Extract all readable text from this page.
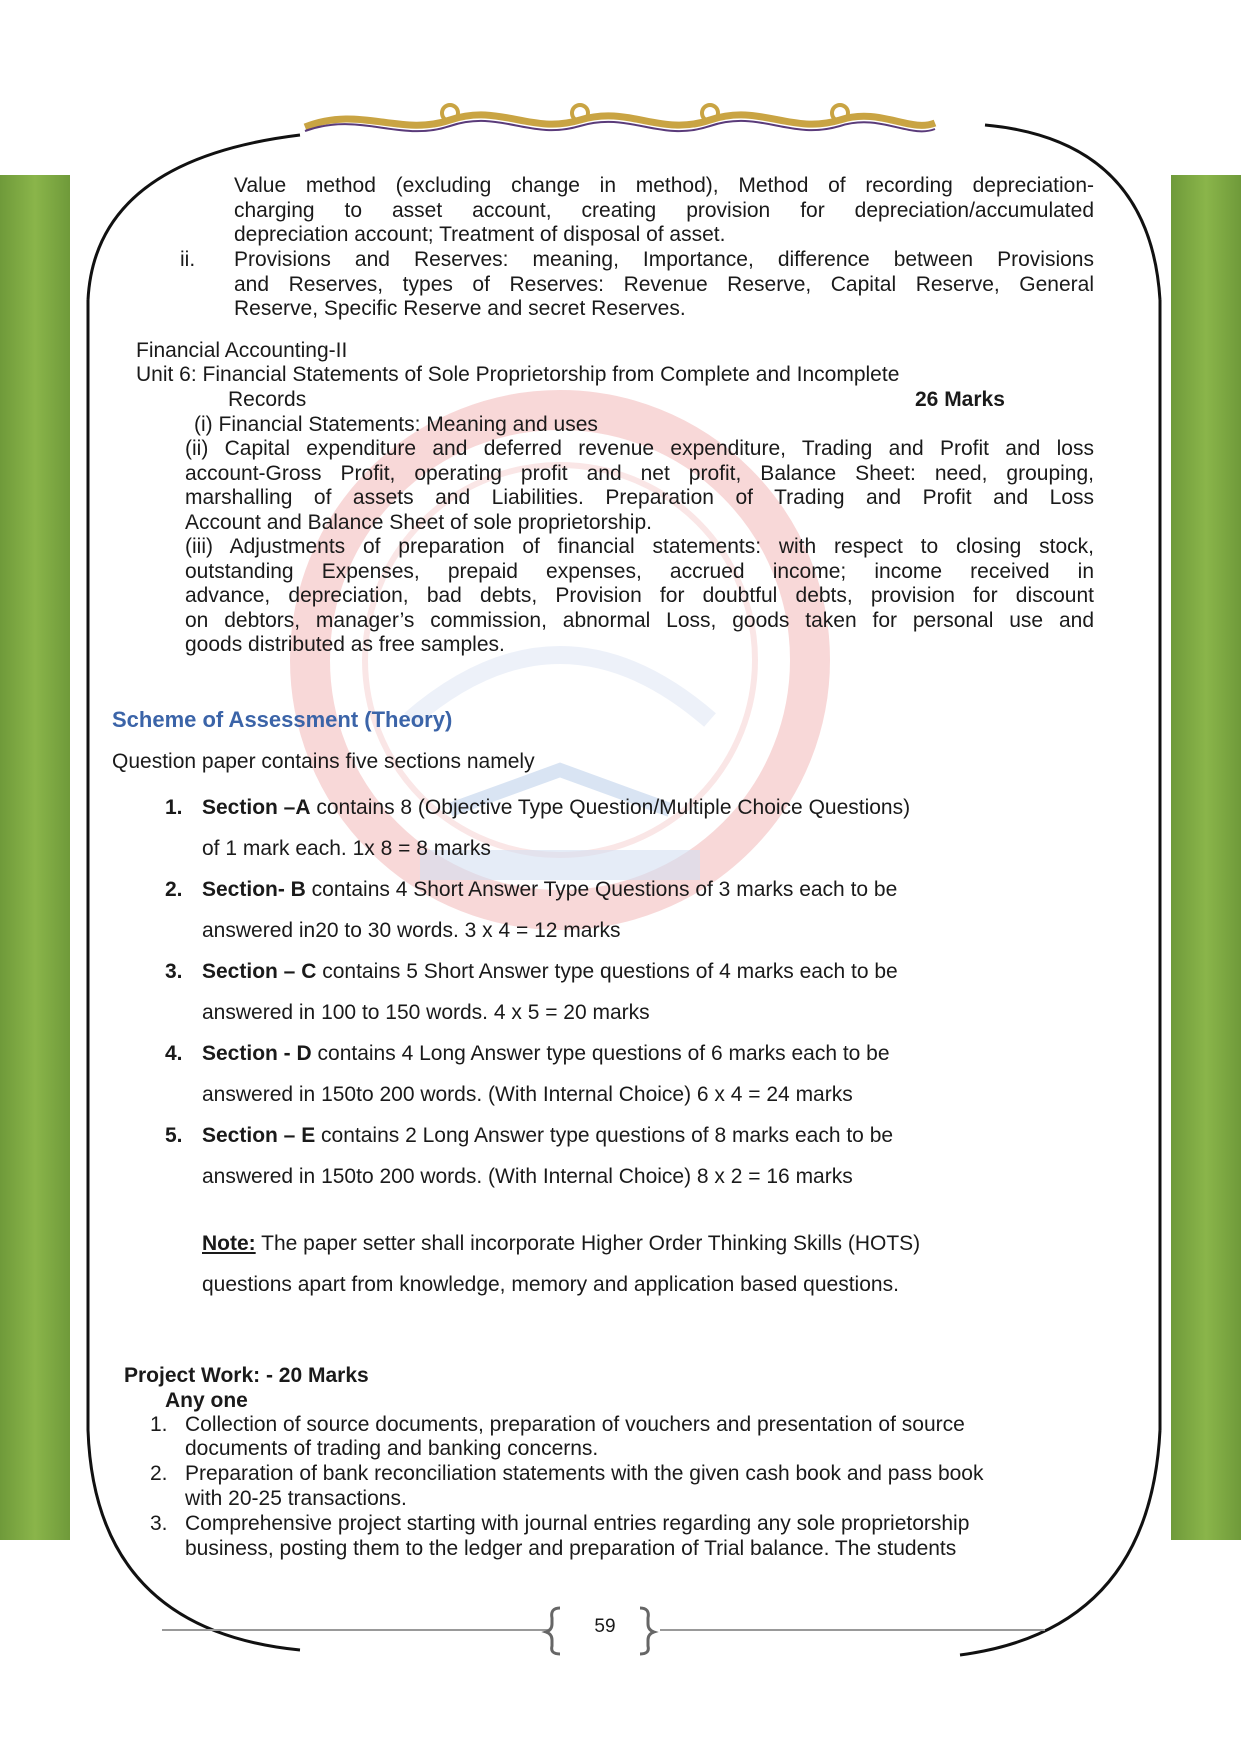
Value method (excluding change in method), Method of recording depreciation-
charging to asset account, creating provision for depreciation/accumulated
depreciation account; Treatment of disposal of asset.
ii. Provisions and Reserves: meaning, Importance, difference between Provisions
and Reserves, types of Reserves: Revenue Reserve, Capital Reserve, General
Reserve, Specific Reserve and secret Reserves.
Financial Accounting-II
Unit 6: Financial Statements of Sole Proprietorship from Complete and Incomplete
Records	26 Marks
(i) Financial Statements: Meaning and uses
(ii) Capital expenditure and deferred revenue expenditure, Trading and Profit and loss
account-Gross Profit, operating profit and net profit, Balance Sheet: need, grouping,
marshalling of assets and Liabilities. Preparation of Trading and Profit and Loss
Account and Balance Sheet of sole proprietorship.
(iii) Adjustments of preparation of financial statements: with respect to closing stock,
outstanding Expenses, prepaid expenses, accrued income; income received in
advance, depreciation, bad debts, Provision for doubtful debts, provision for discount
on debtors, manager’s commission, abnormal Loss, goods taken for personal use and
goods distributed as free samples.
Scheme of Assessment (Theory)
Question paper contains five sections namely
1. Section –A contains 8 (Objective Type Question/Multiple Choice Questions)
of 1 mark each. 1x 8 = 8 marks
2. Section- B contains 4 Short Answer Type Questions of 3 marks each to be
answered in20 to 30 words. 3 x 4 = 12 marks
3. Section – C contains 5 Short Answer type questions of 4 marks each to be
answered in 100 to 150 words. 4 x 5 = 20 marks
4. Section - D contains 4 Long Answer type questions of 6 marks each to be
answered in 150to 200 words. (With Internal Choice) 6 x 4 = 24 marks
5. Section – E contains 2 Long Answer type questions of 8 marks each to be
answered in 150to 200 words. (With Internal Choice) 8 x 2 = 16 marks
Note: The paper setter shall incorporate Higher Order Thinking Skills (HOTS)
questions apart from knowledge, memory and application based questions.
Project Work: - 20 Marks
Any one
1. Collection of source documents, preparation of vouchers and presentation of source
documents of trading and banking concerns.
2. Preparation of bank reconciliation statements with the given cash book and pass book
with 20-25 transactions.
3. Comprehensive project starting with journal entries regarding any sole proprietorship
business, posting them to the ledger and preparation of Trial balance. The students
59
